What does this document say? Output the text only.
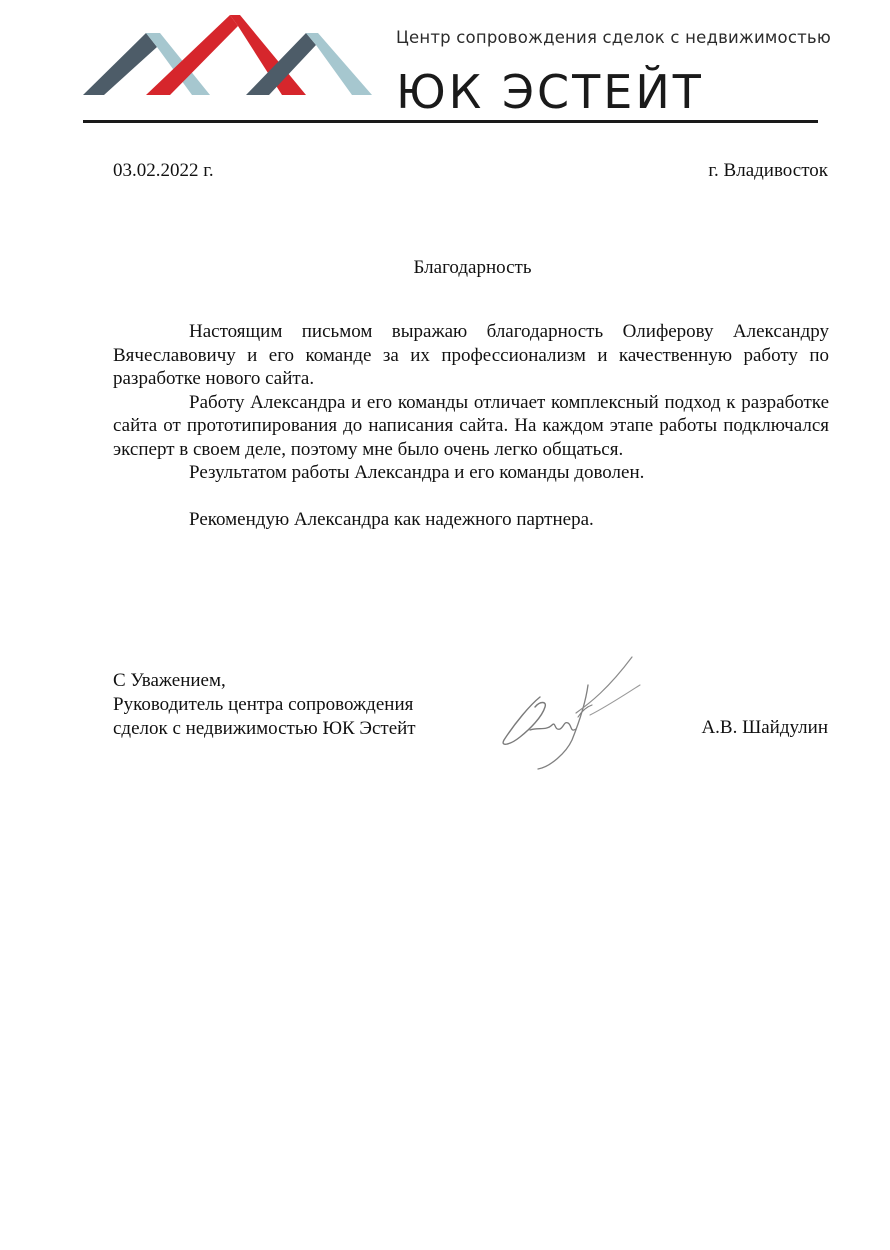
Центр сопровождения сделок с недвижимостью
ЮК ЭСТЕЙТ
03.02.2022 г.	г. Владивосток
Благодарность

Настоящим письмом выражаю благодарность Олиферову Александру Вячеславовичу и его команде за их профессионализм и качественную работу по разработке нового сайта.

Работу Александра и его команды отличает комплексный подход к разработке сайта от прототипирования до написания сайта. На каждом этапе работы подключался эксперт в своем деле, поэтому мне было очень легко общаться.

Результатом работы Александра и его команды доволен.

Рекомендую Александра как надежного партнера.

С Уважением,
Руководитель центра сопровождения
сделок с недвижимостью ЮК Эстейт	А.В. Шайдулин
